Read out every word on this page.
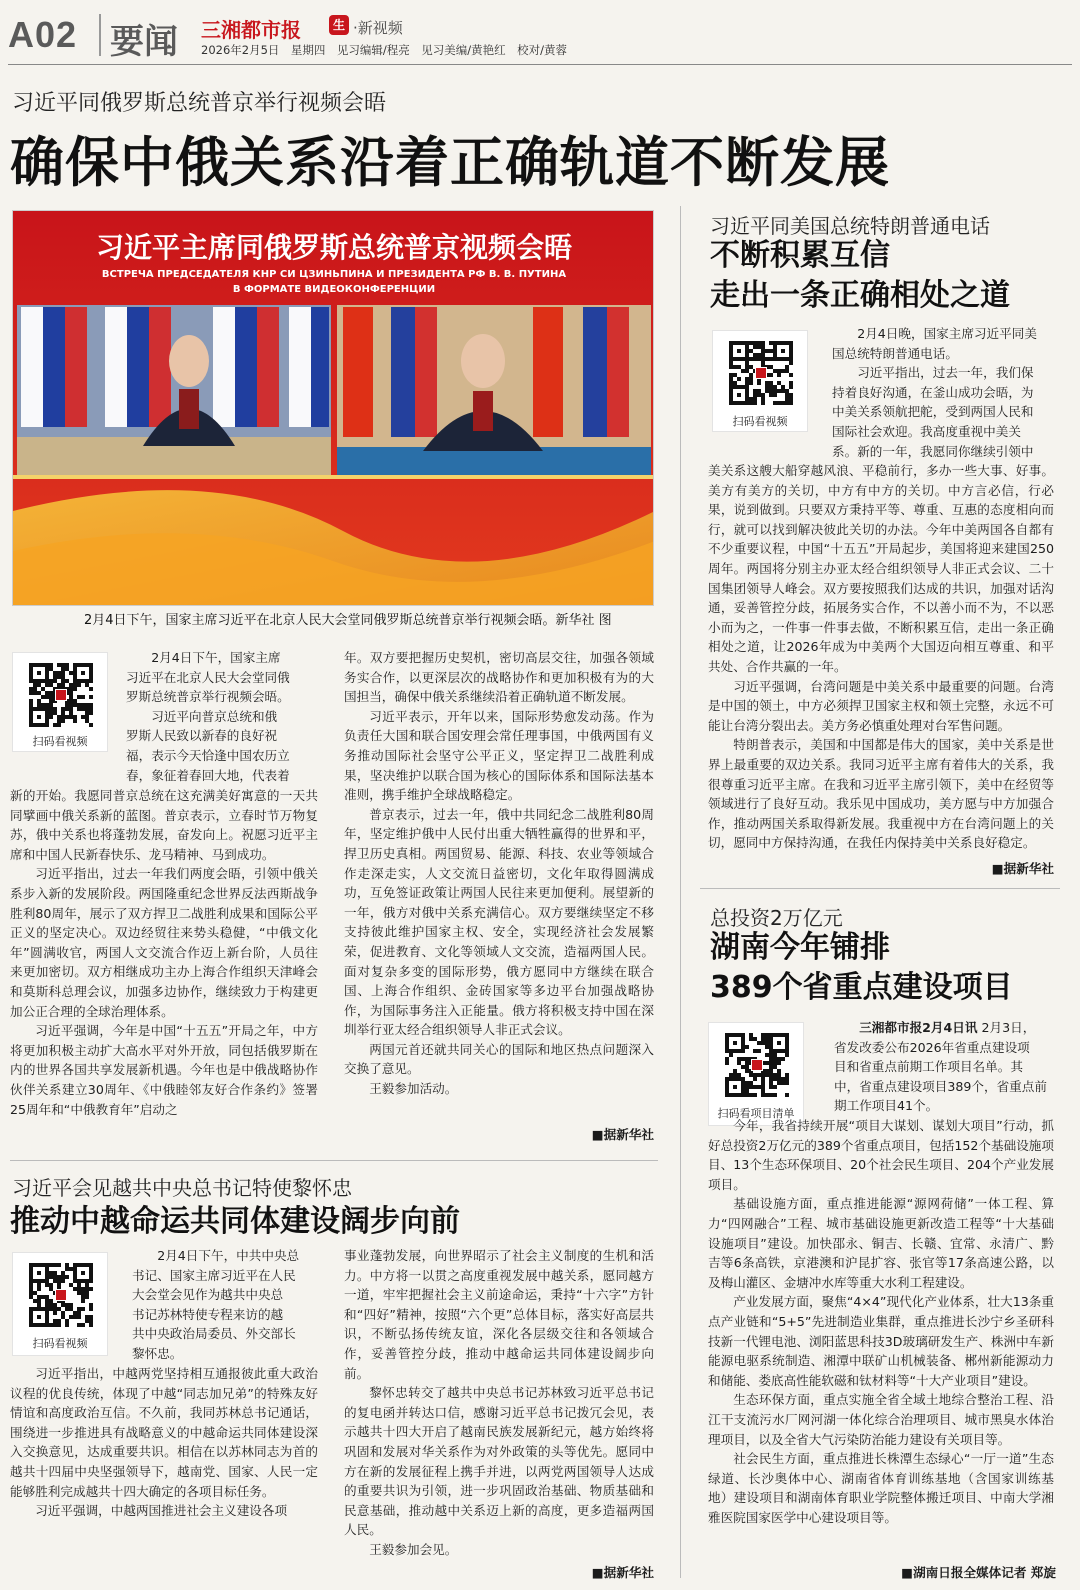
A02 要闻 三湘都市报	生 ·新视频
2026年2月5日　星期四　见习编辑/程亮　见习美编/黄艳红　校对/黄蓉
习近平同俄罗斯总统普京举行视频会晤
确保中俄关系沿着正确轨道不断发展
习近平主席同俄罗斯总统普京视频会晤
ВСТРЕЧА ПРЕДСЕДАТЕЛЯ КНР СИ ЦЗИНЬПИНА И ПРЕЗИДЕНТА РФ В. В. ПУТИНА
В ФОРМАТЕ ВИДЕОКОНФЕРЕНЦИИ
2月4日下午，国家主席习近平在北京人民大会堂同俄罗斯总统普京举行视频会晤。新华社 图
扫码看视频
2月4日下午，国家主席
习近平在北京人民大会堂同俄
罗斯总统普京举行视频会晤。
习近平向普京总统和俄
罗斯人民致以新春的良好祝
福，表示今天恰逢中国农历立
春，象征着春回大地，代表着
新的开始。我愿同普京总统在这充满美好寓意的一天共同擘画中俄关系新的蓝图。普京表示，立春时节万物复苏，俄中关系也将蓬勃发展，奋发向上。祝愿习近平主席和中国人民新春快乐、龙马精神、马到成功。

习近平指出，过去一年我们两度会晤，引领中俄关系步入新的发展阶段。两国隆重纪念世界反法西斯战争胜利80周年，展示了双方捍卫二战胜利成果和国际公平正义的坚定决心。双边经贸往来势头稳健，“中俄文化年”圆满收官，两国人文交流合作迈上新台阶，人员往来更加密切。双方相继成功主办上海合作组织天津峰会和莫斯科总理会议，加强多边协作，继续致力于构建更加公正合理的全球治理体系。

习近平强调，今年是中国“十五五”开局之年，中方将更加积极主动扩大高水平对外开放，同包括俄罗斯在内的世界各国共享发展新机遇。今年也是中俄战略协作伙伴关系建立30周年、《中俄睦邻友好合作条约》签署25周年和“中俄教育年”启动之

年。双方要把握历史契机，密切高层交往，加强各领域务实合作，以更深层次的战略协作和更加积极有为的大国担当，确保中俄关系继续沿着正确轨道不断发展。

习近平表示，开年以来，国际形势愈发动荡。作为负责任大国和联合国安理会常任理事国，中俄两国有义务推动国际社会坚守公平正义，坚定捍卫二战胜利成果，坚决维护以联合国为核心的国际体系和国际法基本准则，携手维护全球战略稳定。

普京表示，过去一年，俄中共同纪念二战胜利80周年，坚定维护俄中人民付出重大牺牲赢得的世界和平，捍卫历史真相。两国贸易、能源、科技、农业等领域合作走深走实，人文交流日益密切，文化年取得圆满成功，互免签证政策让两国人民往来更加便利。展望新的一年，俄方对俄中关系充满信心。双方要继续坚定不移支持彼此维护国家主权、安全，实现经济社会发展繁荣，促进教育、文化等领域人文交流，造福两国人民。面对复杂多变的国际形势，俄方愿同中方继续在联合国、上海合作组织、金砖国家等多边平台加强战略协作，为国际事务注入正能量。俄方将积极支持中国在深圳举行亚太经合组织领导人非正式会议。

两国元首还就共同关心的国际和地区热点问题深入交换了意见。

王毅参加活动。

■据新华社
习近平同美国总统特朗普通电话
不断积累互信
走出一条正确相处之道
扫码看视频
2月4日晚，国家主席习近平同美
国总统特朗普通电话。
习近平指出，过去一年，我们保
持着良好沟通，在釜山成功会晤，为
中美关系领航把舵，受到两国人民和
国际社会欢迎。我高度重视中美关
系。新的一年，我愿同你继续引领中
美关系这艘大船穿越风浪、平稳前行，多办一些大事、好事。美方有美方的关切，中方有中方的关切。中方言必信，行必果，说到做到。只要双方秉持平等、尊重、互惠的态度相向而行，就可以找到解决彼此关切的办法。今年中美两国各自都有不少重要议程，中国“十五五”开局起步，美国将迎来建国250周年。两国将分别主办亚太经合组织领导人非正式会议、二十国集团领导人峰会。双方要按照我们达成的共识，加强对话沟通，妥善管控分歧，拓展务实合作，不以善小而不为，不以恶小而为之，一件事一件事去做，不断积累互信，走出一条正确相处之道，让2026年成为中美两个大国迈向相互尊重、和平共处、合作共赢的一年。

习近平强调，台湾问题是中美关系中最重要的问题。台湾是中国的领土，中方必须捍卫国家主权和领土完整，永远不可能让台湾分裂出去。美方务必慎重处理对台军售问题。

特朗普表示，美国和中国都是伟大的国家，美中关系是世界上最重要的双边关系。我同习近平主席有着伟大的关系，我很尊重习近平主席。在我和习近平主席引领下，美中在经贸等领域进行了良好互动。我乐见中国成功，美方愿与中方加强合作，推动两国关系取得新发展。我重视中方在台湾问题上的关切，愿同中方保持沟通，在我任内保持美中关系良好稳定。

■据新华社
总投资2万亿元
湖南今年铺排
389个省重点建设项目
扫码看项目清单
三湘都市报2月4日讯 2月3日，
省发改委公布2026年省重点建设项
目和省重点前期工作项目名单。其
中，省重点建设项目389个，省重点前
期工作项目41个。

今年，我省持续开展“项目大谋划、谋划大项目”行动，抓好总投资2万亿元的389个省重点项目，包括152个基础设施项目、13个生态环保项目、20个社会民生项目、204个产业发展项目。

基础设施方面，重点推进能源“源网荷储”一体工程、算力“四网融合”工程、城市基础设施更新改造工程等“十大基础设施项目”建设。加快邵永、铜吉、长赣、宜常、永清广、黔吉等6条高铁，京港澳和沪昆扩容、张官等17条高速公路，以及梅山灌区、金塘冲水库等重大水利工程建设。

产业发展方面，聚焦“4×4”现代化产业体系，壮大13条重点产业链和“5+5”先进制造业集群，重点推进长沙宁乡圣研科技新一代锂电池、浏阳蓝思科技3D玻璃研发生产、株洲中车新能源电驱系统制造、湘潭中联矿山机械装备、郴州新能源动力和储能、娄底高性能软磁和钛材料等“十大产业项目”建设。

生态环保方面，重点实施全省全域土地综合整治工程、沿江干支流污水厂网河湖一体化综合治理项目、城市黑臭水体治理项目，以及全省大气污染防治能力建设有关项目等。

社会民生方面，重点推进长株潭生态绿心“一厅一道”生态绿道、长沙奥体中心、湖南省体育训练基地（含国家训练基地）建设项目和湖南体育职业学院整体搬迁项目、中南大学湘雅医院国家医学中心建设项目等。

■湖南日报全媒体记者 郑旋
习近平会见越共中央总书记特使黎怀忠
推动中越命运共同体建设阔步向前
扫码看视频
2月4日下午，中共中央总
书记、国家主席习近平在人民
大会堂会见作为越共中央总
书记苏林特使专程来访的越
共中央政治局委员、外交部长
黎怀忠。

习近平指出，中越两党坚持相互通报彼此重大政治议程的优良传统，体现了中越“同志加兄弟”的特殊友好情谊和高度政治互信。不久前，我同苏林总书记通话，围绕进一步推进具有战略意义的中越命运共同体建设深入交换意见，达成重要共识。相信在以苏林同志为首的越共十四届中央坚强领导下，越南党、国家、人民一定能够胜利完成越共十四大确定的各项目标任务。

习近平强调，中越两国推进社会主义建设各项

事业蓬勃发展，向世界昭示了社会主义制度的生机和活力。中方将一以贯之高度重视发展中越关系，愿同越方一道，牢牢把握社会主义前途命运，秉持“十六字”方针和“四好”精神，按照“六个更”总体目标，落实好高层共识，不断弘扬传统友谊，深化各层级交往和各领域合作，妥善管控分歧，推动中越命运共同体建设阔步向前。

黎怀忠转交了越共中央总书记苏林致习近平总书记的复电函并转达口信，感谢习近平总书记拨冗会见，表示越共十四大开启了越南民族发展新纪元，越方始终将巩固和发展对华关系作为对外政策的头等优先。愿同中方在新的发展征程上携手并进，以两党两国领导人达成的重要共识为引领，进一步巩固政治基础、物质基础和民意基础，推动越中关系迈上新的高度，更多造福两国人民。

王毅参加会见。

■据新华社
